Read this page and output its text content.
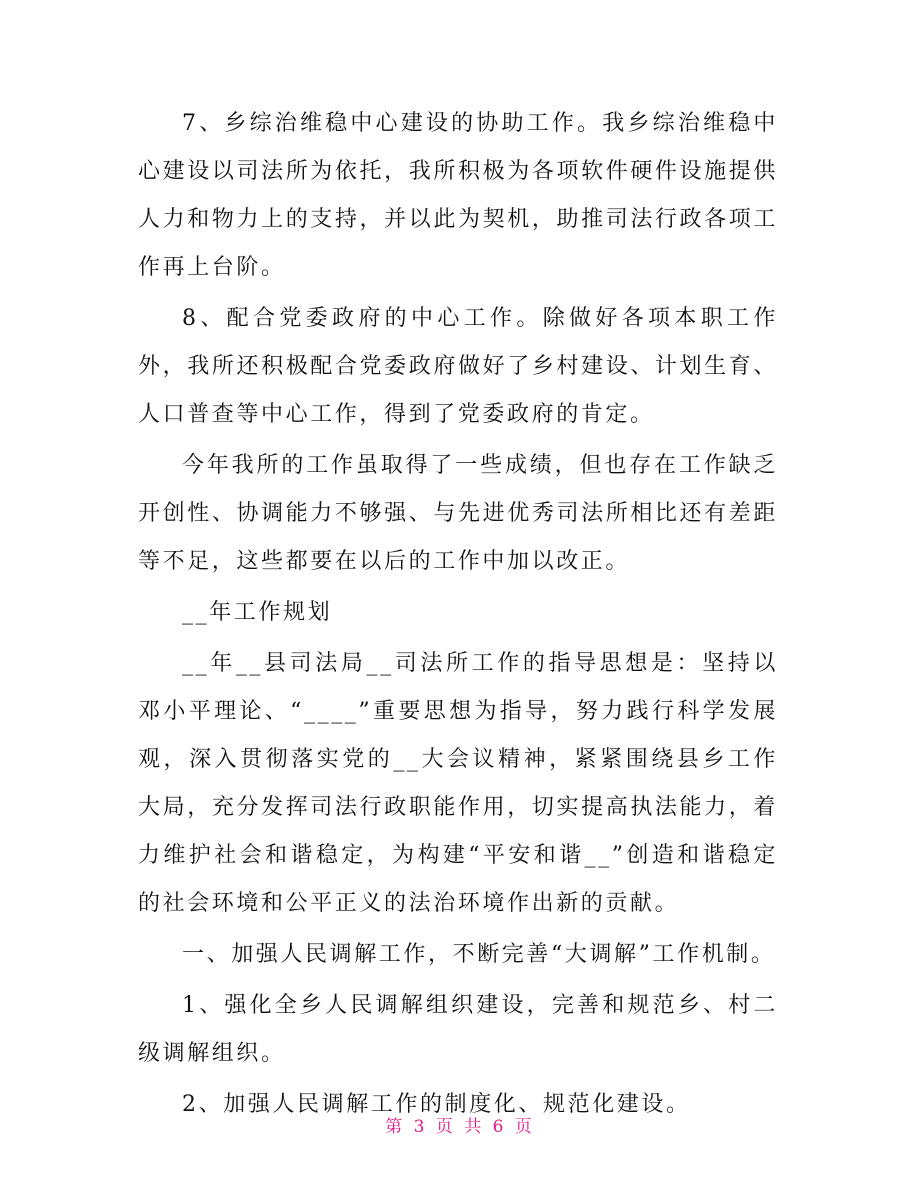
7、乡综治维稳中心建设的协助工作。我乡综治维稳中心建设以司法所为依托，我所积极为各项软件硬件设施提供人力和物力上的支持，并以此为契机，助推司法行政各项工作再上台阶。

8、配合党委政府的中心工作。除做好各项本职工作外，我所还积极配合党委政府做好了乡村建设、计划生育、人口普查等中心工作，得到了党委政府的肯定。

今年我所的工作虽取得了一些成绩，但也存在工作缺乏开创性、协调能力不够强、与先进优秀司法所相比还有差距等不足，这些都要在以后的工作中加以改正。

__年工作规划

__年__县司法局__司法所工作的指导思想是：坚持以邓小平理论、“____”重要思想为指导，努力践行科学发展观，深入贯彻落实党的__大会议精神，紧紧围绕县乡工作大局，充分发挥司法行政职能作用，切实提高执法能力，着力维护社会和谐稳定，为构建“平安和谐__”创造和谐稳定的社会环境和公平正义的法治环境作出新的贡献。

一、加强人民调解工作，不断完善“大调解”工作机制。

1、强化全乡人民调解组织建设，完善和规范乡、村二级调解组织。

2、加强人民调解工作的制度化、规范化建设。

第 3 页 共 6 页
